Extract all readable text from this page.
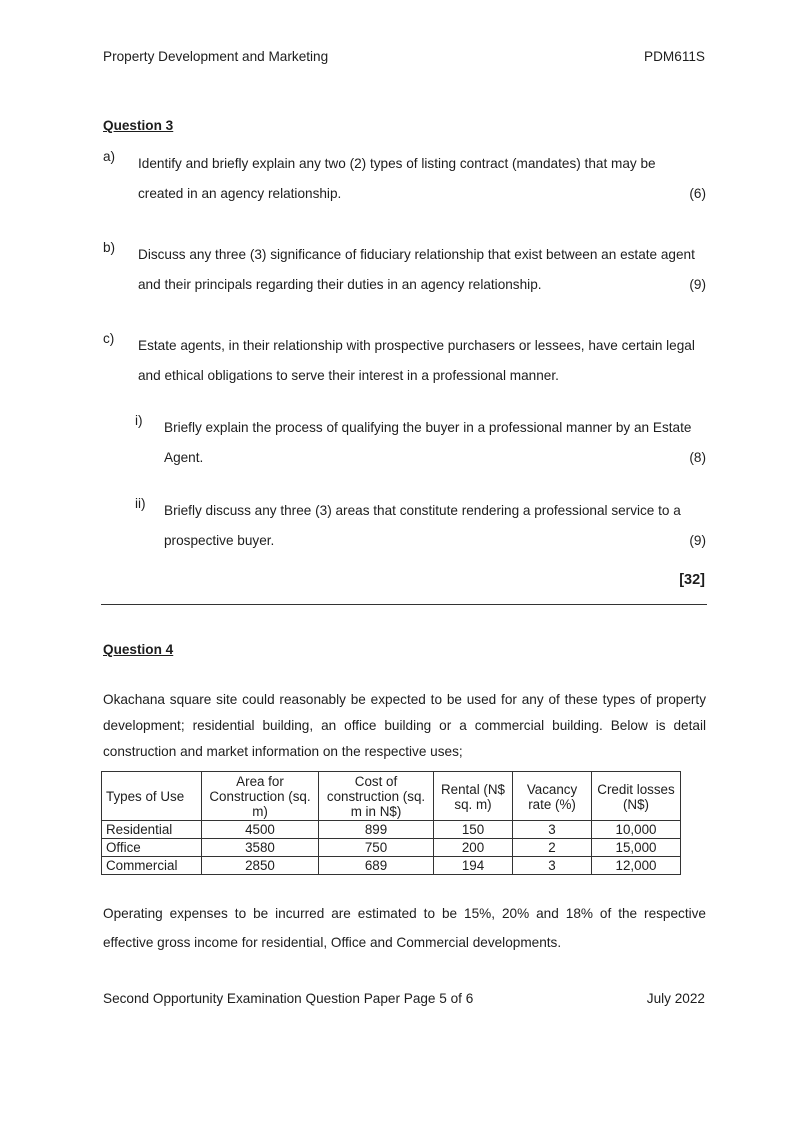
Property Development and Marketing	PDM611S
Question 3
a) Identify and briefly explain any two (2) types of listing contract (mandates) that may be
created in an agency relationship.	(6)
b) Discuss any three (3) significance of fiduciary relationship that exist between an estate agent
and their principals regarding their duties in an agency relationship.	(9)
c) Estate agents, in their relationship with prospective purchasers or lessees, have certain legal
and ethical obligations to serve their interest in a professional manner.
i) Briefly explain the process of qualifying the buyer in a professional manner by an Estate
Agent.	(8)
ii) Briefly discuss any three (3) areas that constitute rendering a professional service to a
prospective buyer.	(9)
[32]
Question 4
Okachana square site could reasonably be expected to be used for any of these types of property development; residential building, an office building or a commercial building. Below is detail construction and market information on the respective uses;
Types of Use	Area for Construction (sq. m)	Cost of construction (sq. m in N$)	Rental (N$ sq. m)	Vacancy rate (%)	Credit losses (N$)
Residential	4500	899	150	3	10,000
Office	3580	750	200	2	15,000
Commercial	2850	689	194	3	12,000
Operating expenses to be incurred are estimated to be 15%, 20% and 18% of the respective effective gross income for residential, Office and Commercial developments.
Second Opportunity Examination Question Paper Page 5 of 6	July 2022
